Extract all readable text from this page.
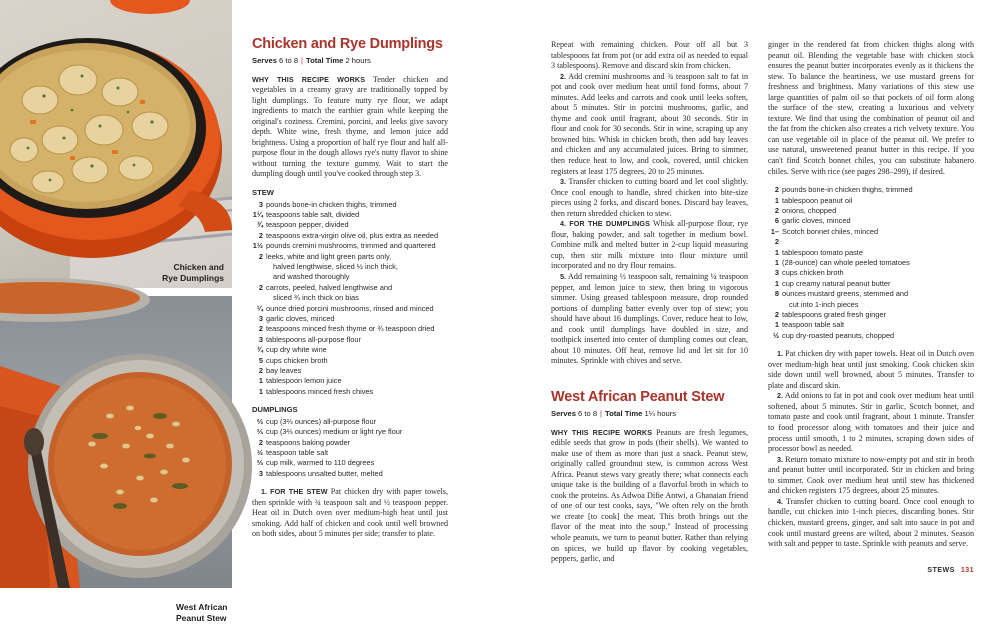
Chicken and
Rye Dumplings
West African
Peanut Stew
Chicken and Rye Dumplings
Serves 6 to 8 | Total Time 2 hours

WHY THIS RECIPE WORKS Tender chicken and vegetables in a creamy gravy are traditionally topped by light dumplings. To feature nutty rye flour, we adapt ingredients to match the earthier grain while keeping the original's coziness. Cremini, porcini, and leeks give savory depth. White wine, fresh thyme, and lemon juice add brightness. Using a proportion of half rye flour and half all-purpose flour in the dough allows rye's nutty flavor to shine without turning the texture gummy. Wait to start the dumpling dough until you've cooked through step 3.

STEW
3 pounds bone-in chicken thighs, trimmed
1¼ teaspoons table salt, divided
¾ teaspoon pepper, divided
2 teaspoons extra-virgin olive oil, plus extra as needed
1½ pounds cremini mushrooms, trimmed and quartered
2 leeks, white and light green parts only,
halved lengthwise, sliced ½ inch thick,
and washed thoroughly
2 carrots, peeled, halved lengthwise and
sliced ¾ inch thick on bias
¼ ounce dried porcini mushrooms, rinsed and minced
3 garlic cloves, minced
2 teaspoons minced fresh thyme or ¾ teaspoon dried
3 tablespoons all-purpose flour
¾ cup dry white wine
5 cups chicken broth
2 bay leaves
1 tablespoon lemon juice
1 tablespoons minced fresh chives
DUMPLINGS
⅔ cup (3⅔ ounces) all-purpose flour
⅔ cup (3⅔ ounces) medium or light rye flour
2 teaspoons baking powder
½ teaspoon table salt
⅔ cup milk, warmed to 110 degrees
3 tablespoons unsalted butter, melted

1. FOR THE STEW Pat chicken dry with paper towels, then sprinkle with ¾ teaspoon salt and ½ teaspoon pepper. Heat oil in Dutch oven over medium-high heat until just smoking. Add half of chicken and cook until well browned on both sides, about 5 minutes per side; transfer to plate.

Repeat with remaining chicken. Pour off all but 3 tablespoons fat from pot (or add extra oil as needed to equal 3 tablespoons). Remove and discard skin from chicken.

2. Add cremini mushrooms and ¾ teaspoon salt to fat in pot and cook over medium heat until fond forms, about 7 minutes. Add leeks and carrots and cook until leeks soften, about 5 minutes. Stir in porcini mushrooms, garlic, and thyme and cook until fragrant, about 30 seconds. Stir in flour and cook for 30 seconds. Stir in wine, scraping up any browned bits. Whisk in chicken broth, then add bay leaves and chicken and any accumulated juices. Bring to simmer, then reduce heat to low, and cook, covered, until chicken registers at least 175 degrees, 20 to 25 minutes.

3. Transfer chicken to cutting board and let cool slightly. Once cool enough to handle, shred chicken into bite-size pieces using 2 forks, and discard bones. Discard bay leaves, then return shredded chicken to stew.

4. FOR THE DUMPLINGS Whisk all-purpose flour, rye flour, baking powder, and salt together in medium bowl. Combine milk and melted butter in 2-cup liquid measuring cup, then stir milk mixture into flour mixture until incorporated and no dry flour remains.

5. Add remaining ½ teaspoon salt, remaining ¼ teaspoon pepper, and lemon juice to stew, then bring to vigorous simmer. Using greased tablespoon measure, drop rounded portions of dumpling batter evenly over top of stew; you should have about 16 dumplings. Cover, reduce heat to low, and cook until dumplings have doubled in size, and toothpick inserted into center of dumpling comes out clean, about 10 minutes. Off heat, remove lid and let sit for 10 minutes. Sprinkle with chives and serve.

West African Peanut Stew
Serves 6 to 8 | Total Time 1¼ hours

WHY THIS RECIPE WORKS Peanuts are fresh legumes, edible seeds that grow in pods (their shells). We wanted to make use of them as more than just a snack. Peanut stew, originally called groundnut stew, is common across West Africa. Peanut stews vary greatly there; what connects each unique take is the building of a flavorful broth in which to cook the proteins. As Adwoa Difie Antwi, a Ghanaian friend of one of our test cooks, says, "We often rely on the broth we create [to cook] the meat. This broth brings out the flavor of the meat into the soup." Instead of processing whole peanuts, we turn to peanut butter. Rather than relying on spices, we build up flavor by cooking vegetables, peppers, garlic, and

ginger in the rendered fat from chicken thighs along with peanut oil. Blending the vegetable base with chicken stock ensures the peanut butter incorporates evenly as it thickens the stew. To balance the heartiness, we use mustard greens for freshness and brightness. Many variations of this stew use large quantities of palm oil so that pockets of oil form along the surface of the stew, creating a luxurious and velvety texture. We find that using the combination of peanut oil and the fat from the chicken also creates a rich velvety texture. You can use vegetable oil in place of the peanut oil. We prefer to use natural, unsweetened peanut butter in this recipe. If you can't find Scotch bonnet chiles, you can substitute habanero chiles. Serve with rice (see pages 298–299), if desired.

2 pounds bone-in chicken thighs, trimmed
1 tablespoon peanut oil
2 onions, chopped
6 garlic cloves, minced
1–2
Scotch bonnet chiles, minced
1 tablespoon tomato paste
1 (28-ounce) can whole peeled tomatoes
3 cups chicken broth
1 cup creamy natural peanut butter
8 ounces mustard greens, stemmed and
cut into 1-inch pieces
2 tablespoons grated fresh ginger
1 teaspoon table salt
½ cup dry-roasted peanuts, chopped

1. Pat chicken dry with paper towels. Heat oil in Dutch oven over medium-high heat until just smoking. Cook chicken skin side down until well browned, about 5 minutes. Transfer to plate and discard skin.

2. Add onions to fat in pot and cook over medium heat until softened, about 5 minutes. Stir in garlic, Scotch bonnet, and tomato paste and cook until fragrant, about 1 minute. Transfer to food processor along with tomatoes and their juice and process until smooth, 1 to 2 minutes, scraping down sides of processor bowl as needed.

3. Return tomato mixture to now-empty pot and stir in broth and peanut butter until incorporated. Stir in chicken and bring to simmer. Cook over medium heat until stew has thickened and chicken registers 175 degrees, about 25 minutes.

4. Transfer chicken to cutting board. Once cool enough to handle, cut chicken into 1-inch pieces, discarding bones. Stir chicken, mustard greens, ginger, and salt into sauce in pot and cook until mustard greens are wilted, about 2 minutes. Season with salt and pepper to taste. Sprinkle with peanuts and serve.

STEWS 131
